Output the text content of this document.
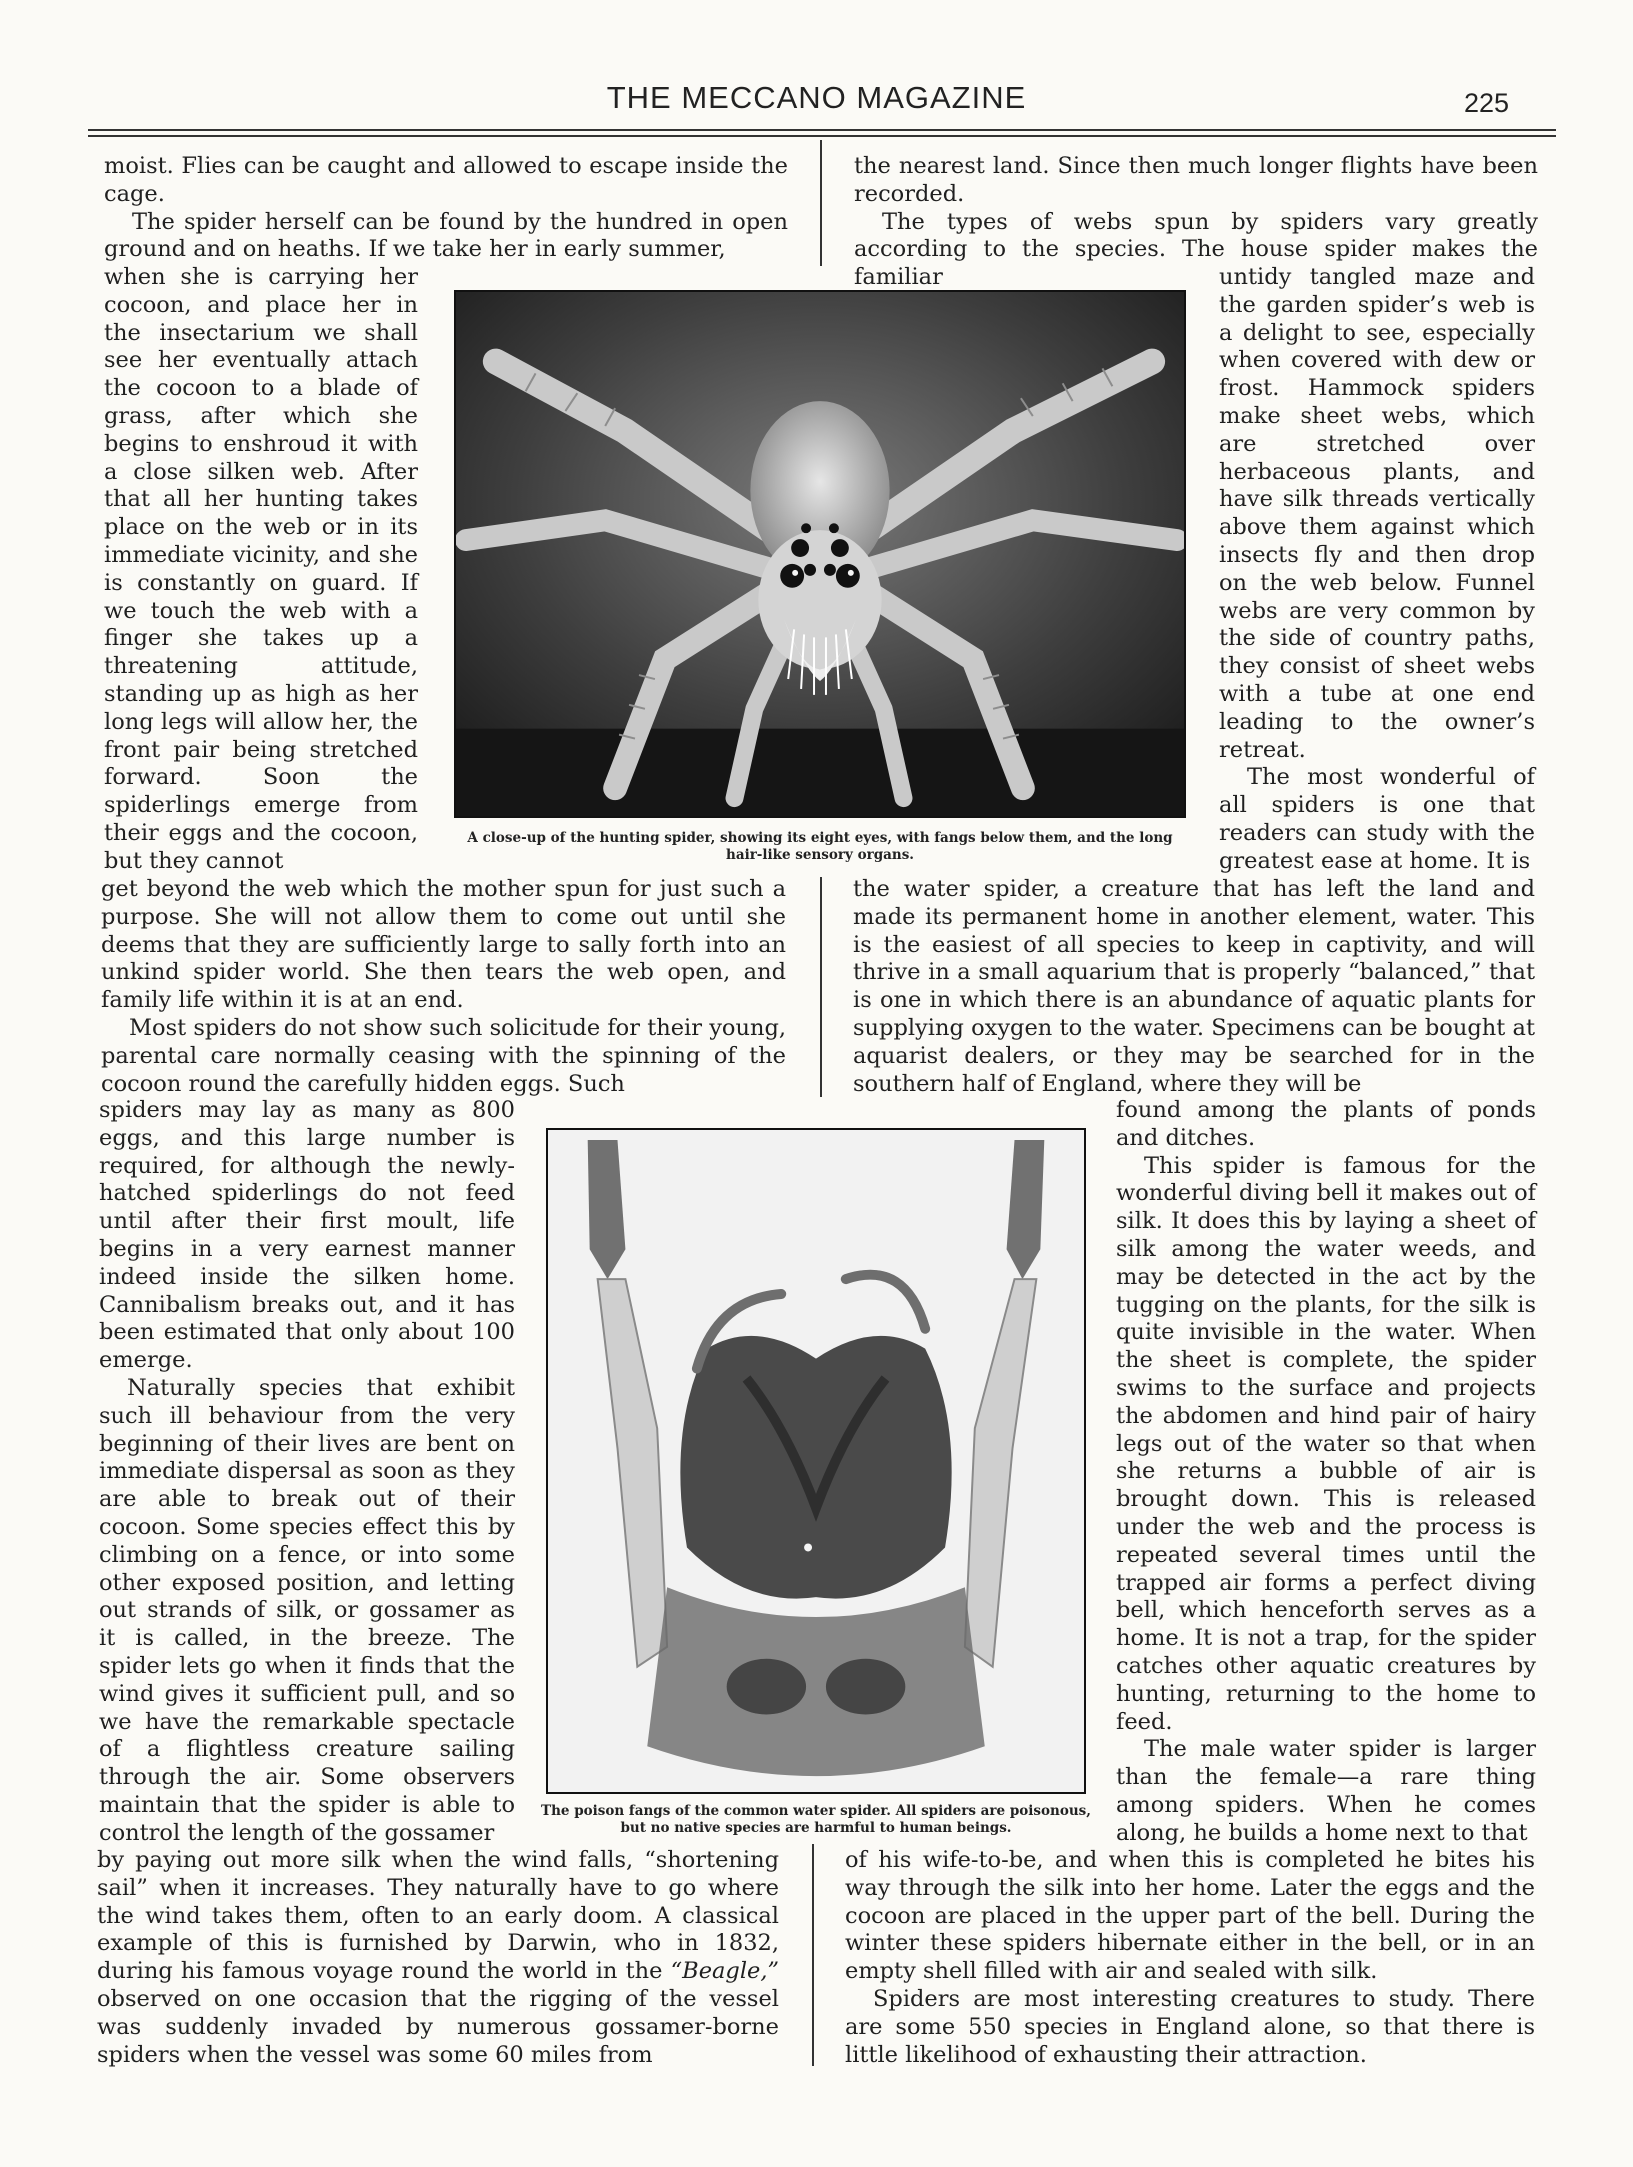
THE MECCANO MAGAZINE	225

moist. Flies can be caught and allowed to escape inside the cage.

The spider herself can be found by the hundred in open ground and on heaths. If we take her in early summer,

when she is carrying her cocoon, and place her in the insectarium we shall see her eventually attach the cocoon to a blade of grass, after which she begins to enshroud it with a close silken web. After that all her hunting takes place on the web or in its immediate vicinity, and she is constantly on guard. If we touch the web with a finger she takes up a threatening attitude, standing up as high as her long legs will allow her, the front pair being stretched forward. Soon the spiderlings emerge from their eggs and the cocoon, but they cannot

get beyond the web which the mother spun for just such a purpose. She will not allow them to come out until she deems that they are sufficiently large to sally forth into an unkind spider world. She then tears the web open, and family life within it is at an end.

Most spiders do not show such solicitude for their young, parental care normally ceasing with the spinning of the cocoon round the carefully hidden eggs. Such

spiders may lay as many as 800 eggs, and this large number is required, for although the newly-hatched spiderlings do not feed until after their first moult, life begins in a very earnest manner indeed inside the silken home. Cannibalism breaks out, and it has been estimated that only about 100 emerge.

Naturally species that exhibit such ill behaviour from the very beginning of their lives are bent on immediate dispersal as soon as they are able to break out of their cocoon. Some species effect this by climbing on a fence, or into some other exposed position, and letting out strands of silk, or gossamer as it is called, in the breeze. The spider lets go when it finds that the wind gives it sufficient pull, and so we have the remarkable spectacle of a flightless creature sailing through the air. Some observers maintain that the spider is able to control the length of the gossamer

by paying out more silk when the wind falls, “shortening sail” when it increases. They naturally have to go where the wind takes them, often to an early doom. A classical example of this is furnished by Darwin, who in 1832, during his famous voyage round the world in the “Beagle,” observed on one occasion that the rigging of the vessel was suddenly invaded by numerous gossamer-borne spiders when the vessel was some 60 miles from

the nearest land. Since then much longer flights have been recorded.

The types of webs spun by spiders vary greatly according to the species. The house spider makes the familiar	untidy tangled maze and the garden spider’s web is a delight to see, especially when covered with dew or frost. Hammock spiders make sheet webs, which are stretched over herbaceous plants, and have silk threads vertically above them against which insects fly and then drop on the web below. Funnel webs are very common by the side of country paths, they consist of sheet webs with a tube at one end leading to the owner’s retreat.

The most wonderful of all spiders is one that readers can study with the greatest ease at home. It is

the water spider, a creature that has left the land and made its permanent home in another element, water. This is the easiest of all species to keep in captivity, and will thrive in a small aquarium that is properly “balanced,” that is one in which there is an abundance of aquatic plants for supplying oxygen to the water. Specimens can be bought at aquarist dealers, or they may be searched for in the southern half of England, where they will be

found among the plants of ponds and ditches.

This spider is famous for the wonderful diving bell it makes out of silk. It does this by laying a sheet of silk among the water weeds, and may be detected in the act by the tugging on the plants, for the silk is quite invisible in the water. When the sheet is complete, the spider swims to the surface and projects the abdomen and hind pair of hairy legs out of the water so that when she returns a bubble of air is brought down. This is released under the web and the process is repeated several times until the trapped air forms a perfect diving bell, which henceforth serves as a home. It is not a trap, for the spider catches other aquatic creatures by hunting, returning to the home to feed.

The male water spider is larger than the female—a rare thing among spiders. When he comes along, he builds a home next to that

of his wife-to-be, and when this is completed he bites his way through the silk into her home. Later the eggs and the cocoon are placed in the upper part of the bell. During the winter these spiders hibernate either in the bell, or in an empty shell filled with air and sealed with silk.

Spiders are most interesting creatures to study. There are some 550 species in England alone, so that there is little likelihood of exhausting their attraction.

A close-up of the hunting spider, showing its eight eyes, with fangs below them, and the long hair-like sensory organs.
The poison fangs of the common water spider. All spiders are poisonous, but no native species are harmful to human beings.
